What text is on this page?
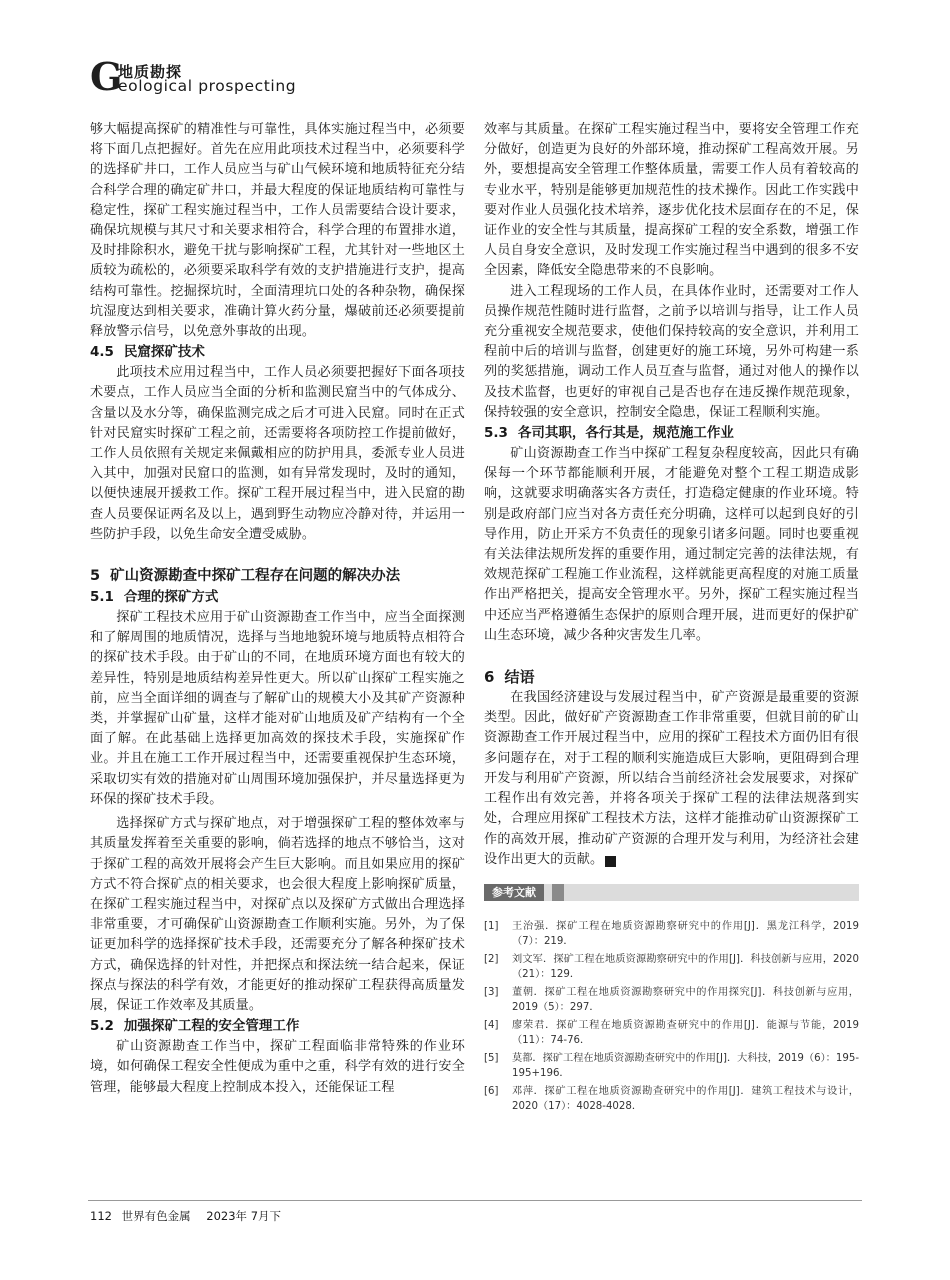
G
地质勘探
eological prospecting

够大幅提高探矿的精准性与可靠性，具体实施过程当中，必须要将下面几点把握好。首先在应用此项技术过程当中，必须要科学的选择矿井口，工作人员应当与矿山气候环境和地质特征充分结合科学合理的确定矿井口，并最大程度的保证地质结构可靠性与稳定性，探矿工程实施过程当中，工作人员需要结合设计要求，确保坑规模与其尺寸和关要求相符合，科学合理的布置排水道，及时排除积水，避免干扰与影响探矿工程，尤其针对一些地区土质较为疏松的，必须要采取科学有效的支护措施进行支护，提高结构可靠性。挖掘探坑时，全面清理坑口处的各种杂物，确保探坑湿度达到相关要求，准确计算火药分量，爆破前还必须要提前释放警示信号，以免意外事故的出现。

4.5 民窟探矿技术

此项技术应用过程当中，工作人员必须要把握好下面各项技术要点，工作人员应当全面的分析和监测民窟当中的气体成分、含量以及水分等，确保监测完成之后才可进入民窟。同时在正式针对民窟实时探矿工程之前，还需要将各项防控工作提前做好，工作人员依照有关规定来佩戴相应的防护用具，委派专业人员进入其中，加强对民窟口的监测，如有异常发现时，及时的通知，以便快速展开援救工作。探矿工程开展过程当中，进入民窟的勘查人员要保证两名及以上，遇到野生动物应冷静对待，并运用一些防护手段，以免生命安全遭受威胁。

5 矿山资源勘查中探矿工程存在问题的解决办法
5.1 合理的探矿方式

探矿工程技术应用于矿山资源勘查工作当中，应当全面探测和了解周围的地质情况，选择与当地地貌环境与地质特点相符合的探矿技术手段。由于矿山的不同，在地质环境方面也有较大的差异性，特别是地质结构差异性更大。所以矿山探矿工程实施之前，应当全面详细的调查与了解矿山的规模大小及其矿产资源种类，并掌握矿山矿量，这样才能对矿山地质及矿产结构有一个全面了解。在此基础上选择更加高效的探技术手段，实施探矿作业。并且在施工工作开展过程当中，还需要重视保护生态环境，采取切实有效的措施对矿山周围环境加强保护，并尽量选择更为环保的探矿技术手段。

选择探矿方式与探矿地点，对于增强探矿工程的整体效率与其质量发挥着至关重要的影响，倘若选择的地点不够恰当，这对于探矿工程的高效开展将会产生巨大影响。而且如果应用的探矿方式不符合探矿点的相关要求，也会很大程度上影响探矿质量，在探矿工程实施过程当中，对探矿点以及探矿方式做出合理选择非常重要，才可确保矿山资源勘查工作顺利实施。另外，为了保证更加科学的选择探矿技术手段，还需要充分了解各种探矿技术方式，确保选择的针对性，并把探点和探法统一结合起来，保证探点与探法的科学有效，才能更好的推动探矿工程获得高质量发展，保证工作效率及其质量。

5.2 加强探矿工程的安全管理工作

矿山资源勘查工作当中，探矿工程面临非常特殊的作业环境，如何确保工程安全性便成为重中之重，科学有效的进行安全管理，能够最大程度上控制成本投入，还能保证工程

效率与其质量。在探矿工程实施过程当中，要将安全管理工作充分做好，创造更为良好的外部环境，推动探矿工程高效开展。另外，要想提高安全管理工作整体质量，需要工作人员有着较高的专业水平，特别是能够更加规范性的技术操作。因此工作实践中要对作业人员强化技术培养，逐步优化技术层面存在的不足，保证作业的安全性与其质量，提高探矿工程的安全系数，增强工作人员自身安全意识，及时发现工作实施过程当中遇到的很多不安全因素，降低安全隐患带来的不良影响。

进入工程现场的工作人员，在具体作业时，还需要对工作人员操作规范性随时进行监督，之前予以培训与指导，让工作人员充分重视安全规范要求，使他们保持较高的安全意识，并利用工程前中后的培训与监督，创建更好的施工环境，另外可构建一系列的奖惩措施，调动工作人员互查与监督，通过对他人的操作以及技术监督，也更好的审视自己是否也存在违反操作规范现象，保持较强的安全意识，控制安全隐患，保证工程顺利实施。

5.3 各司其职，各行其是，规范施工作业

矿山资源勘查工作当中探矿工程复杂程度较高，因此只有确保每一个环节都能顺利开展，才能避免对整个工程工期造成影响，这就要求明确落实各方责任，打造稳定健康的作业环境。特别是政府部门应当对各方责任充分明确，这样可以起到良好的引导作用，防止开采方不负责任的现象引诸多问题。同时也要重视有关法律法规所发挥的重要作用，通过制定完善的法律法规，有效规范探矿工程施工作业流程，这样就能更高程度的对施工质量作出严格把关，提高安全管理水平。另外，探矿工程实施过程当中还应当严格遵循生态保护的原则合理开展，进而更好的保护矿山生态环境，减少各种灾害发生几率。

6 结语

在我国经济建设与发展过程当中，矿产资源是最重要的资源类型。因此，做好矿产资源勘查工作非常重要，但就目前的矿山资源勘查工作开展过程当中，应用的探矿工程技术方面仍旧有很多问题存在，对于工程的顺利实施造成巨大影响，更阻碍到合理开发与利用矿产资源，所以结合当前经济社会发展要求，对探矿工程作出有效完善，并将各项关于探矿工程的法律法规落到实处，合理应用探矿工程技术方法，这样才能推动矿山资源探矿工作的高效开展，推动矿产资源的合理开发与利用，为经济社会建设作出更大的贡献。	Ш

参考文献
[1]	王治强．探矿工程在地质资源勘察研究中的作用[J]．黑龙江科学，2019（7）：219．
[2]	刘文军．探矿工程在地质资源勘察研究中的作用[J]．科技创新与应用，2020（21）：129．
[3]	董朝．探矿工程在地质资源勘察研究中的作用探究[J]．科技创新与应用，2019（5）：297．
[4]	廖荣君．探矿工程在地质资源勘查研究中的作用[J]．能源与节能，2019（11）：74-76．
[5]	莫都．探矿工程在地质资源勘查研究中的作用[J]．大科技，2019（6）：195-195+196．
[6]	邓萍．探矿工程在地质资源勘查研究中的作用[J]．建筑工程技术与设计，2020（17）：4028-4028．
112 世界有色金属 2023年 7月下
